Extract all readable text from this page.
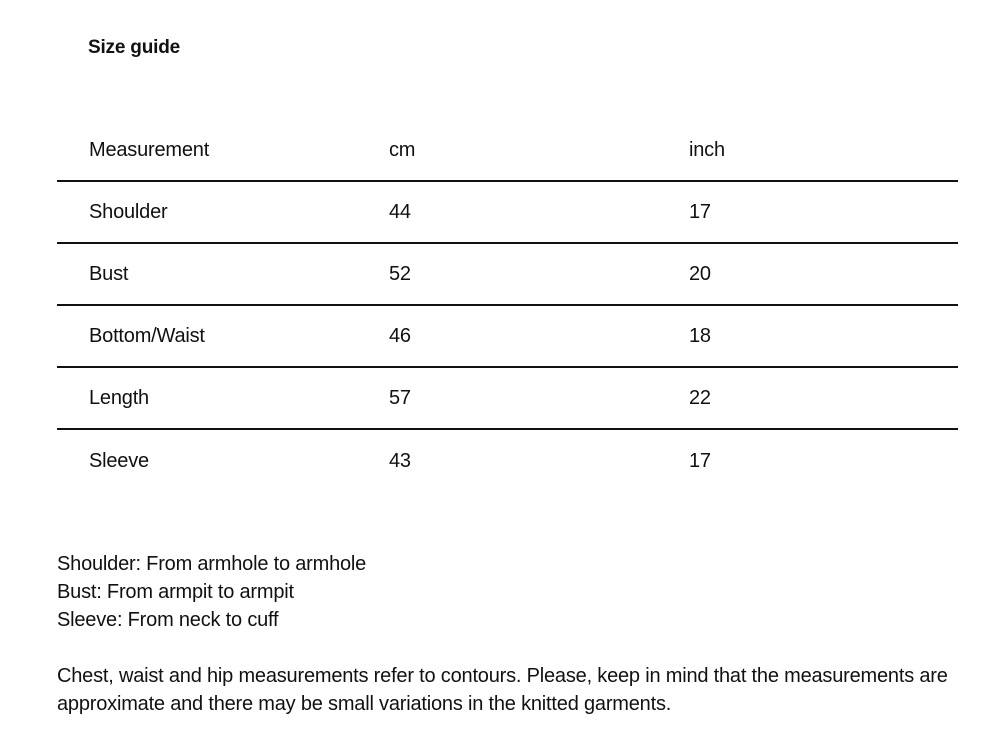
Size guide
Measurement	cm	inch
Shoulder	44	17
Bust	52	20
Bottom/Waist	46	18
Length	57	22
Sleeve	43	17
Shoulder: From armhole to armhole
Bust: From armpit to armpit
Sleeve: From neck to cuff
Chest, waist and hip measurements refer to contours. Please, keep in mind that the measurements are approximate and there may be small variations in the knitted garments.
